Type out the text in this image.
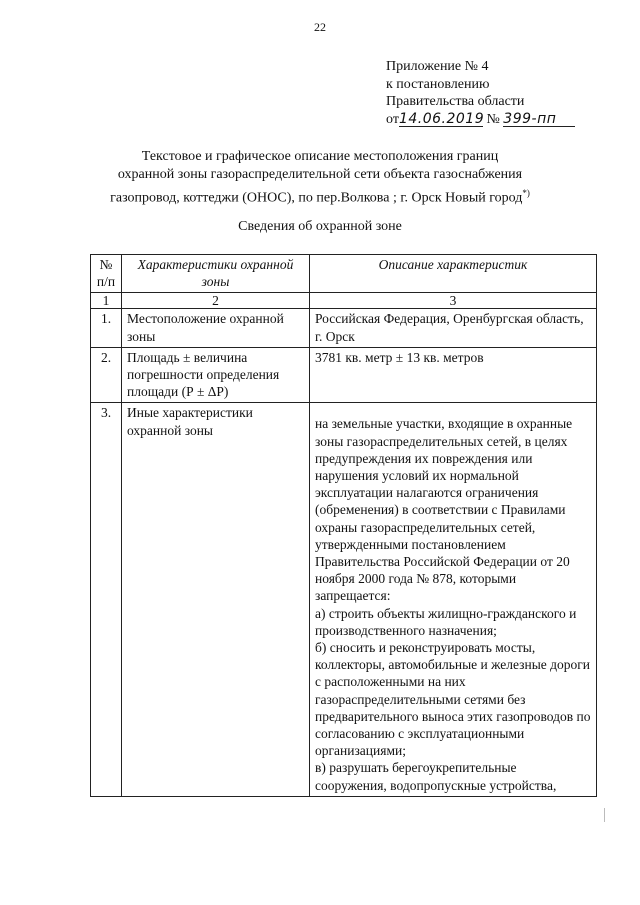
22
Приложение № 4
к постановлению
Правительства области
от14.06.2019 № 399-пп
Текстовое и графическое описание местоположения границ
охранной зоны газораспределительной сети объекта газоснабжения
газопровод, коттеджи (ОНОС), по пер.Волкова ; г. Орск Новый город*)
Сведения об охранной зоне
№ п/п	Характеристики охранной зоны	Описание характеристик
1	2	3
1.	Местоположение охранной зоны	Российская Федерация, Оренбургская область, г. Орск

2.	Площадь ± величина погрешности определения площади (Р ± ΔР)	3781 кв. метр ± 13 кв. метров

3.	Иные характеристики охранной зоны	на земельные участки, входящие в охранные зоны газораспределительных сетей, в целях предупреждения их повреждения или нарушения условий их нормальной эксплуатации налагаются ограничения (обременения) в соответствии с Правилами охраны газораспределительных сетей, утвержденными постановлением Правительства Российской Федерации от 20 ноября 2000 года № 878, которыми запрещается:
а) строить объекты жилищно-гражданского и производственного назначения;
б) сносить и реконструировать мосты, коллекторы, автомобильные и железные дороги с расположенными на них газораспределительными сетями без предварительного выноса этих газопроводов по согласованию с эксплуатационными организациями;
в) разрушать берегоукрепительные сооружения, водопропускные устройства,
